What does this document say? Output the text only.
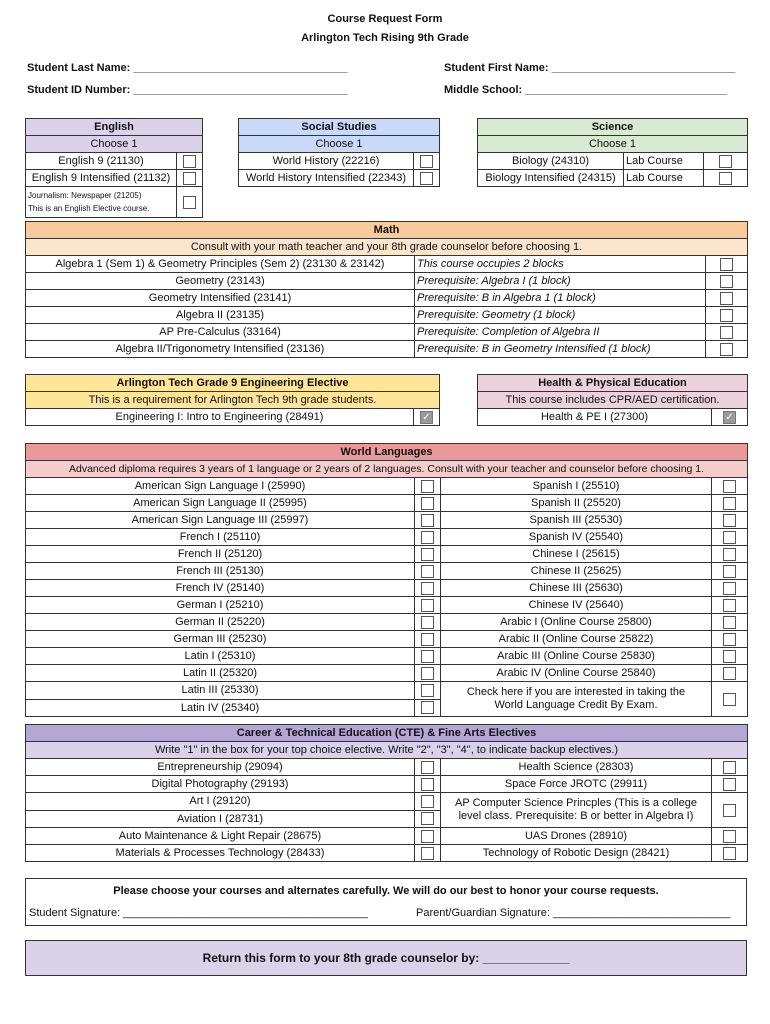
Course Request Form
Arlington Tech Rising 9th Grade
Student Last Name: ___________________________________	Student First Name: ______________________________
Student ID Number: ___________________________________	Middle School: _________________________________
English	
Choose 1	
English 9 (21130)	
English 9 Intensified (21132)	

Journalism: Newspaper (21205)
This is an English Elective course.	

Social Studies	
Choose 1	
World History (22216)	
World History Intensified (22343)	
Science		
Choose 1		
Biology (24310)	Lab Course	
Biology Intensified (24315)	Lab Course	
Math		
Consult with your math teacher and your 8th grade counselor before choosing 1.		
Algebra 1 (Sem 1) & Geometry Principles (Sem 2) (23130 & 23142)	This course occupies 2 blocks	
Geometry (23143)	Prerequisite: Algebra I (1 block)	
Geometry Intensified (23141)	Prerequisite: B in Algebra 1 (1 block)	
Algebra II (23135)	Prerequisite: Geometry (1 block)	
AP Pre-Calculus (33164)	Prerequisite: Completion of Algebra II	
Algebra II/Trigonometry Intensified (23136)	Prerequisite: B in Geometry Intensified (1 block)	
Arlington Tech Grade 9 Engineering Elective
This is a requirement for Arlington Tech 9th grade students.
Engineering I: Intro to Engineering (28491)	✓
Health & Physical Education
This course includes CPR/AED certification.
Health & PE I (27300)	✓
World Languages			
Advanced diploma requires 3 years of 1 language or 2 years of 2 languages. Consult with your teacher and counselor before choosing 1.			
American Sign Language I (25990)		Spanish I (25510)	
American Sign Language II (25995)		Spanish II (25520)	
American Sign Language III (25997)		Spanish III (25530)	
French I (25110)		Spanish IV (25540)	
French II (25120)		Chinese I (25615)	
French III (25130)		Chinese II (25625)	
French IV (25140)		Chinese III (25630)	
German I (25210)		Chinese IV (25640)	
German II (25220)		Arabic I (Online Course 25800)	
German III (25230)		Arabic II (Online Course 25822)	
Latin I (25310)		Arabic III (Online Course 25830)	
Latin II (25320)		Arabic IV (Online Course 25840)	
Latin III (25330)		Check here if you are interested in taking the
World Language Credit By Exam.	

Latin IV (25340)			
Career & Technical Education (CTE) & Fine Arts Electives			
Write "1" in the box for your top choice elective. Write "2", "3", "4", to indicate backup electives.)			
Entrepreneurship (29094)		Health Science (28303)	
Digital Photography (29193)		Space Force JROTC (29911)	
Art I (29120)		AP Computer Science Princples (This is a college
level class. Prerequisite: B or better in Algebra I)	

Aviation I (28731)			
Auto Maintenance & Light Repair (28675)		UAS Drones (28910)	
Materials & Processes Technology (28433)		Technology of Robotic Design (28421)	
Please choose your courses and alternates carefully. We will do our best to honor your course requests.
Student Signature: ________________________________________	Parent/Guardian Signature: _____________________________
Return this form to your 8th grade counselor by: _____________
